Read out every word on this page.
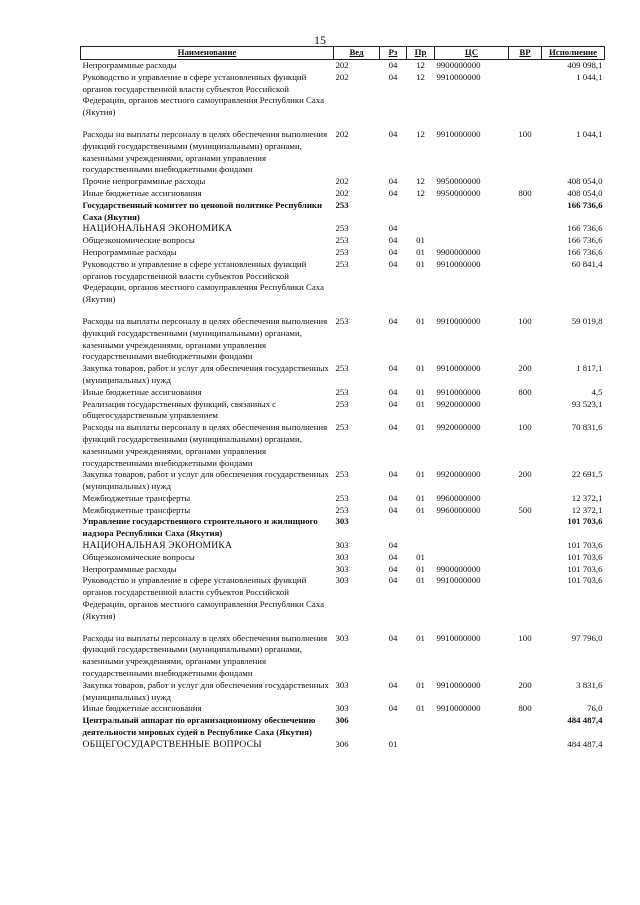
15
Наименование	Вед	Рз	Пр	ЦС	ВР	Исполнение
Непрограммные расходы	202	04	12	9900000000		409 098,1
Руководство и управление в сфере установленных функций органов государственной власти субъектов Российской Федерации, органов местного самоуправления Республики Саха (Якутия)	202	04	12	9910000000		1 044,1

Расходы на выплаты персоналу в целях обеспечения выполнения функций государственными (муниципальными) органами, казенными учреждениями, органами управления государственными внебюджетными фондами	202	04	12	9910000000	100	1 044,1
Прочие непрограммные расходы	202	04	12	9950000000		408 054,0
Иные бюджетные ассигнования	202	04	12	9950000000	800	408 054,0
Государственный комитет по ценовой политике Республики Саха (Якутия)	253					166 736,6
НАЦИОНАЛЬНАЯ ЭКОНОМИКА	253	04				166 736,6
Общеэкономические вопросы	253	04	01			166 736,6
Непрограммные расходы	253	04	01	9900000000		166 736,6
Руководство и управление в сфере установленных функций органов государственной власти субъектов Российской Федерации, органов местного самоуправления Республики Саха (Якутия)	253	04	01	9910000000		60 841,4

Расходы на выплаты персоналу в целях обеспечения выполнения функций государственными (муниципальными) органами, казенными учреждениями, органами управления государственными внебюджетными фондами	253	04	01	9910000000	100	59 019,8
Закупка товаров, работ и услуг для обеспечения государственных (муниципальных) нужд	253	04	01	9910000000	200	1 817,1
Иные бюджетные ассигнования	253	04	01	9910000000	800	4,5
Реализация государственных функций, связанных с общегосударственным управлением	253	04	01	9920000000		93 523,1
Расходы на выплаты персоналу в целях обеспечения выполнения функций государственными (муниципальными) органами, казенными учреждениями, органами управления государственными внебюджетными фондами	253	04	01	9920000000	100	70 831,6
Закупка товаров, работ и услуг для обеспечения государственных (муниципальных) нужд	253	04	01	9920000000	200	22 691,5
Межбюджетные трансферты	253	04	01	9960000000		12 372,1
Межбюджетные трансферты	253	04	01	9960000000	500	12 372,1
Управление государственного строительного и жилищного надзора Республики Саха (Якутия)	303					101 703,6
НАЦИОНАЛЬНАЯ ЭКОНОМИКА	303	04				101 703,6
Общеэкономические вопросы	303	04	01			101 703,6
Непрограммные расходы	303	04	01	9900000000		101 703,6
Руководство и управление в сфере установленных функций органов государственной власти субъектов Российской Федерации, органов местного самоуправления Республики Саха (Якутия)	303	04	01	9910000000		101 703,6

Расходы на выплаты персоналу в целях обеспечения выполнения функций государственными (муниципальными) органами, казенными учреждениями, органами управления государственными внебюджетными фондами	303	04	01	9910000000	100	97 796,0
Закупка товаров, работ и услуг для обеспечения государственных (муниципальных) нужд	303	04	01	9910000000	200	3 831,6
Иные бюджетные ассигнования	303	04	01	9910000000	800	76,0
Центральный аппарат по организационному обеспечению деятельности мировых судей в Республике Саха (Якутия)	306					484 487,4
ОБЩЕГОСУДАРСТВЕННЫЕ ВОПРОСЫ	306	01				484 487,4
